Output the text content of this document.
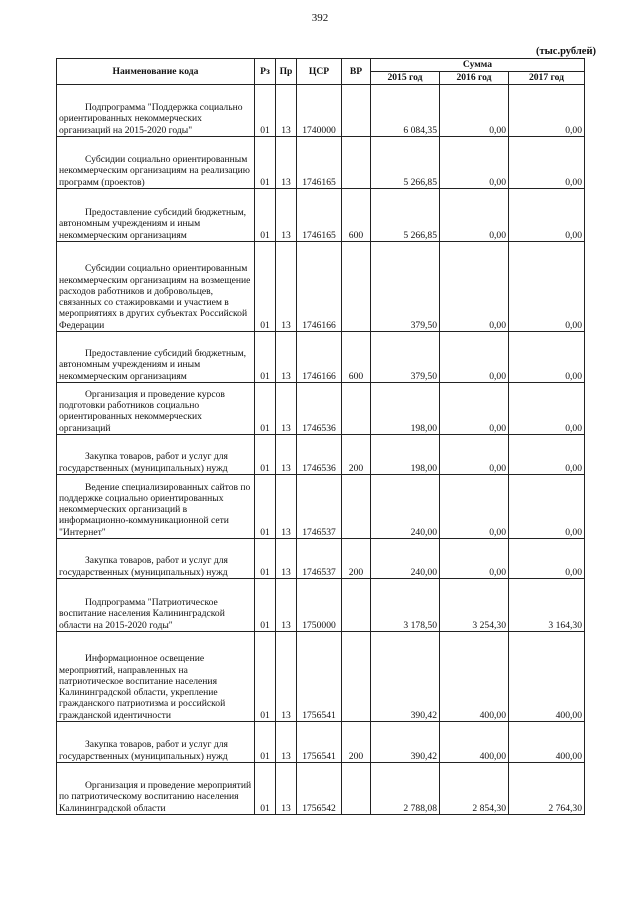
392
(тыс.рублей)
Наименование кода	Рз	Пр	ЦСР	ВР	Сумма		
					2015 год	2016 год	2017 год
Подпрограмма "Поддержка социально ориентированных некоммерческих организаций на 2015-2020 годы"	01	13	1740000		6 084,35	0,00	0,00
Субсидии социально ориентированным некоммерческим организациям на реализацию программ (проектов)	01	13	1746165		5 266,85	0,00	0,00
Предоставление субсидий бюджетным, автономным учреждениям и иным некоммерческим организациям	01	13	1746165	600	5 266,85	0,00	0,00
Субсидии социально ориентированным некоммерческим организациям на возмещение расходов работников и добровольцев, связанных со стажировками и участием в мероприятиях в других субъектах Российской Федерации	01	13	1746166		379,50	0,00	0,00
Предоставление субсидий бюджетным, автономным учреждениям и иным некоммерческим организациям	01	13	1746166	600	379,50	0,00	0,00
Организация и проведение курсов подготовки работников социально ориентированных некоммерческих организаций	01	13	1746536		198,00	0,00	0,00
Закупка товаров, работ и услуг для государственных (муниципальных) нужд	01	13	1746536	200	198,00	0,00	0,00
Ведение специализированных сайтов по поддержке социально ориентированных некоммерческих организаций в информационно-коммуникационной сети "Интернет"	01	13	1746537		240,00	0,00	0,00
Закупка товаров, работ и услуг для государственных (муниципальных) нужд	01	13	1746537	200	240,00	0,00	0,00
Подпрограмма "Патриотическое воспитание населения Калининградской области на 2015-2020 годы"	01	13	1750000		3 178,50	3 254,30	3 164,30
Информационное освещение мероприятий, направленных на патриотическое воспитание населения Калининградской области, укрепление гражданского патриотизма и российской гражданской идентичности	01	13	1756541		390,42	400,00	400,00
Закупка товаров, работ и услуг для государственных (муниципальных) нужд	01	13	1756541	200	390,42	400,00	400,00
Организация и проведение мероприятий по патриотическому воспитанию населения Калининградской области	01	13	1756542		2 788,08	2 854,30	2 764,30
